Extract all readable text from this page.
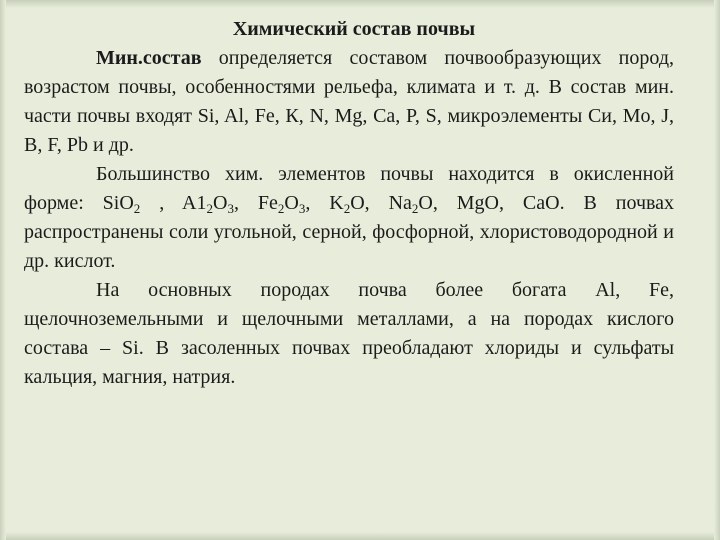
Химический состав почвы

Мин.состав определяется составом почвообразующих пород, возрастом почвы, особенностями рельефа, климата и т. д. В состав мин. части почвы входят Si, Al, Fe, К, N, Mg, Ca, P, S, микроэлементы Cи, Mo, J, B, F, Pb и др.

Большинство хим. элементов почвы находится в окисленной форме: SiO$_2$ , $A1_2O_3$, $Fe_2O_3$, $K_2O$, $Na_2O$, MgO, CaO. В почвах распространены соли угольной, серной, фосфорной, хлористоводородной и др. кислот.

На основных породах почва более богата Al, Fe, щелочноземельными и щелочными металлами, а на породах кислого состава – Si. В засоленных почвах преобладают хлориды и сульфаты кальция, магния, натрия.
